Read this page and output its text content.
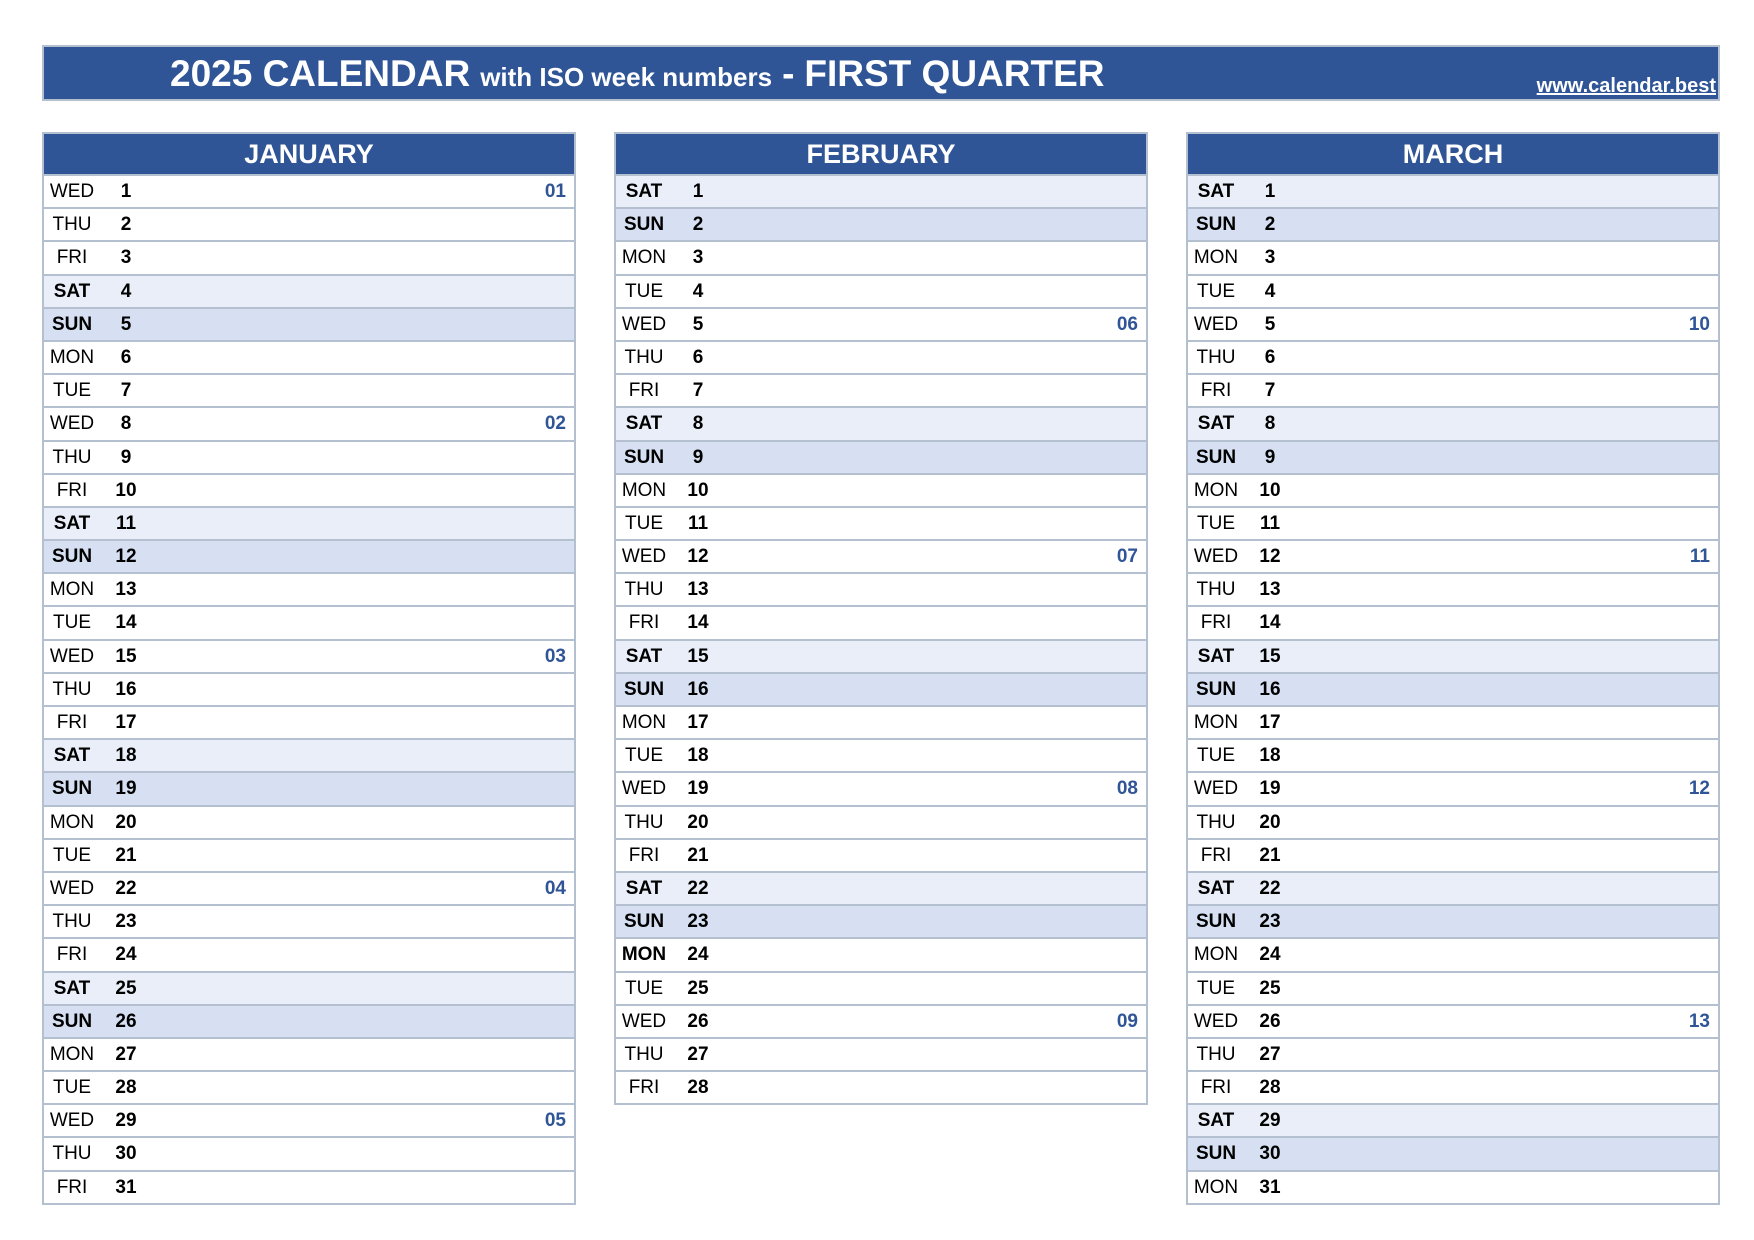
2025 CALENDAR with ISO week numbers - FIRST QUARTER	www.calendar.best
JANUARY
WED	1	01
THU	2
FRI	3
SAT	4
SUN	5
MON	6
TUE	7
WED	8	02
THU	9
FRI	10
SAT	11
SUN	12
MON	13
TUE	14
WED	15	03
THU	16
FRI	17
SAT	18
SUN	19
MON	20
TUE	21
WED	22	04
THU	23
FRI	24
SAT	25
SUN	26
MON	27
TUE	28
WED	29	05
THU	30
FRI	31
FEBRUARY
SAT	1
SUN	2
MON	3
TUE	4
WED	5	06
THU	6
FRI	7
SAT	8
SUN	9
MON	10
TUE	11
WED	12	07
THU	13
FRI	14
SAT	15
SUN	16
MON	17
TUE	18
WED	19	08
THU	20
FRI	21
SAT	22
SUN	23
MON	24
TUE	25
WED	26	09
THU	27
FRI	28
MARCH
SAT	1
SUN	2
MON	3
TUE	4
WED	5	10
THU	6
FRI	7
SAT	8
SUN	9
MON	10
TUE	11
WED	12	11
THU	13
FRI	14
SAT	15
SUN	16
MON	17
TUE	18
WED	19	12
THU	20
FRI	21
SAT	22
SUN	23
MON	24
TUE	25
WED	26	13
THU	27
FRI	28
SAT	29
SUN	30
MON	31
